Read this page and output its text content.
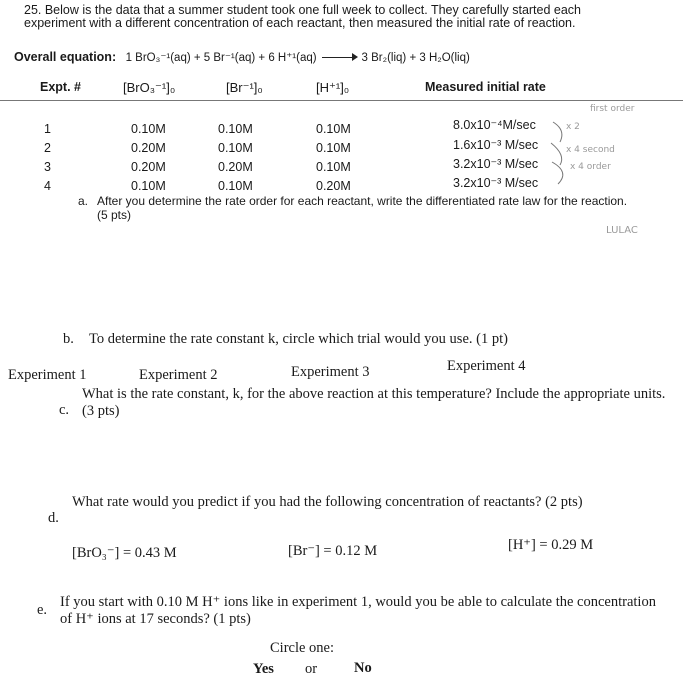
25. Below is the data that a summer student took one full week to collect. They carefully started each experiment with a different concentration of each reactant, then measured the initial rate of reaction.
Overall equation: 1 BrO₃⁻¹(aq) + 5 Br⁻¹(aq) + 6 H⁺¹(aq)	3 Br₂(liq) + 3 H₂O(liq)
Expt. #	[BrO₃⁻¹]₀	[Br⁻¹]₀	[H⁺¹]₀	Measured initial rate
1	0.10M	0.10M	0.10M	8.0x10⁻⁴M/sec
2	0.20M	0.10M	0.10M	1.6x10⁻³ M/sec
3	0.20M	0.20M	0.10M	3.2x10⁻³ M/sec
4	0.10M	0.10M	0.20M	3.2x10⁻³ M/sec
first order
x 2
x 4 second
x 4 order
LULAC
a. After you determine the rate order for each reactant, write the differentiated rate law for the reaction. (5 pts)
b. To determine the rate constant k, circle which trial would you use. (1 pt)
Experiment 1	Experiment 2	Experiment 3	Experiment 4
c.
What is the rate constant, k, for the above reaction at this temperature? Include the appropriate units. (3 pts)
d.
What rate would you predict if you had the following concentration of reactants? (2 pts)
[BrO₃⁻] = 0.43 M	[Br⁻] = 0.12 M	[H⁺] = 0.29 M
e. If you start with 0.10 M H⁺ ions like in experiment 1, would you be able to calculate the concentration of H⁺ ions at 17 seconds? (1 pts)
Circle one:
Yes or	No
